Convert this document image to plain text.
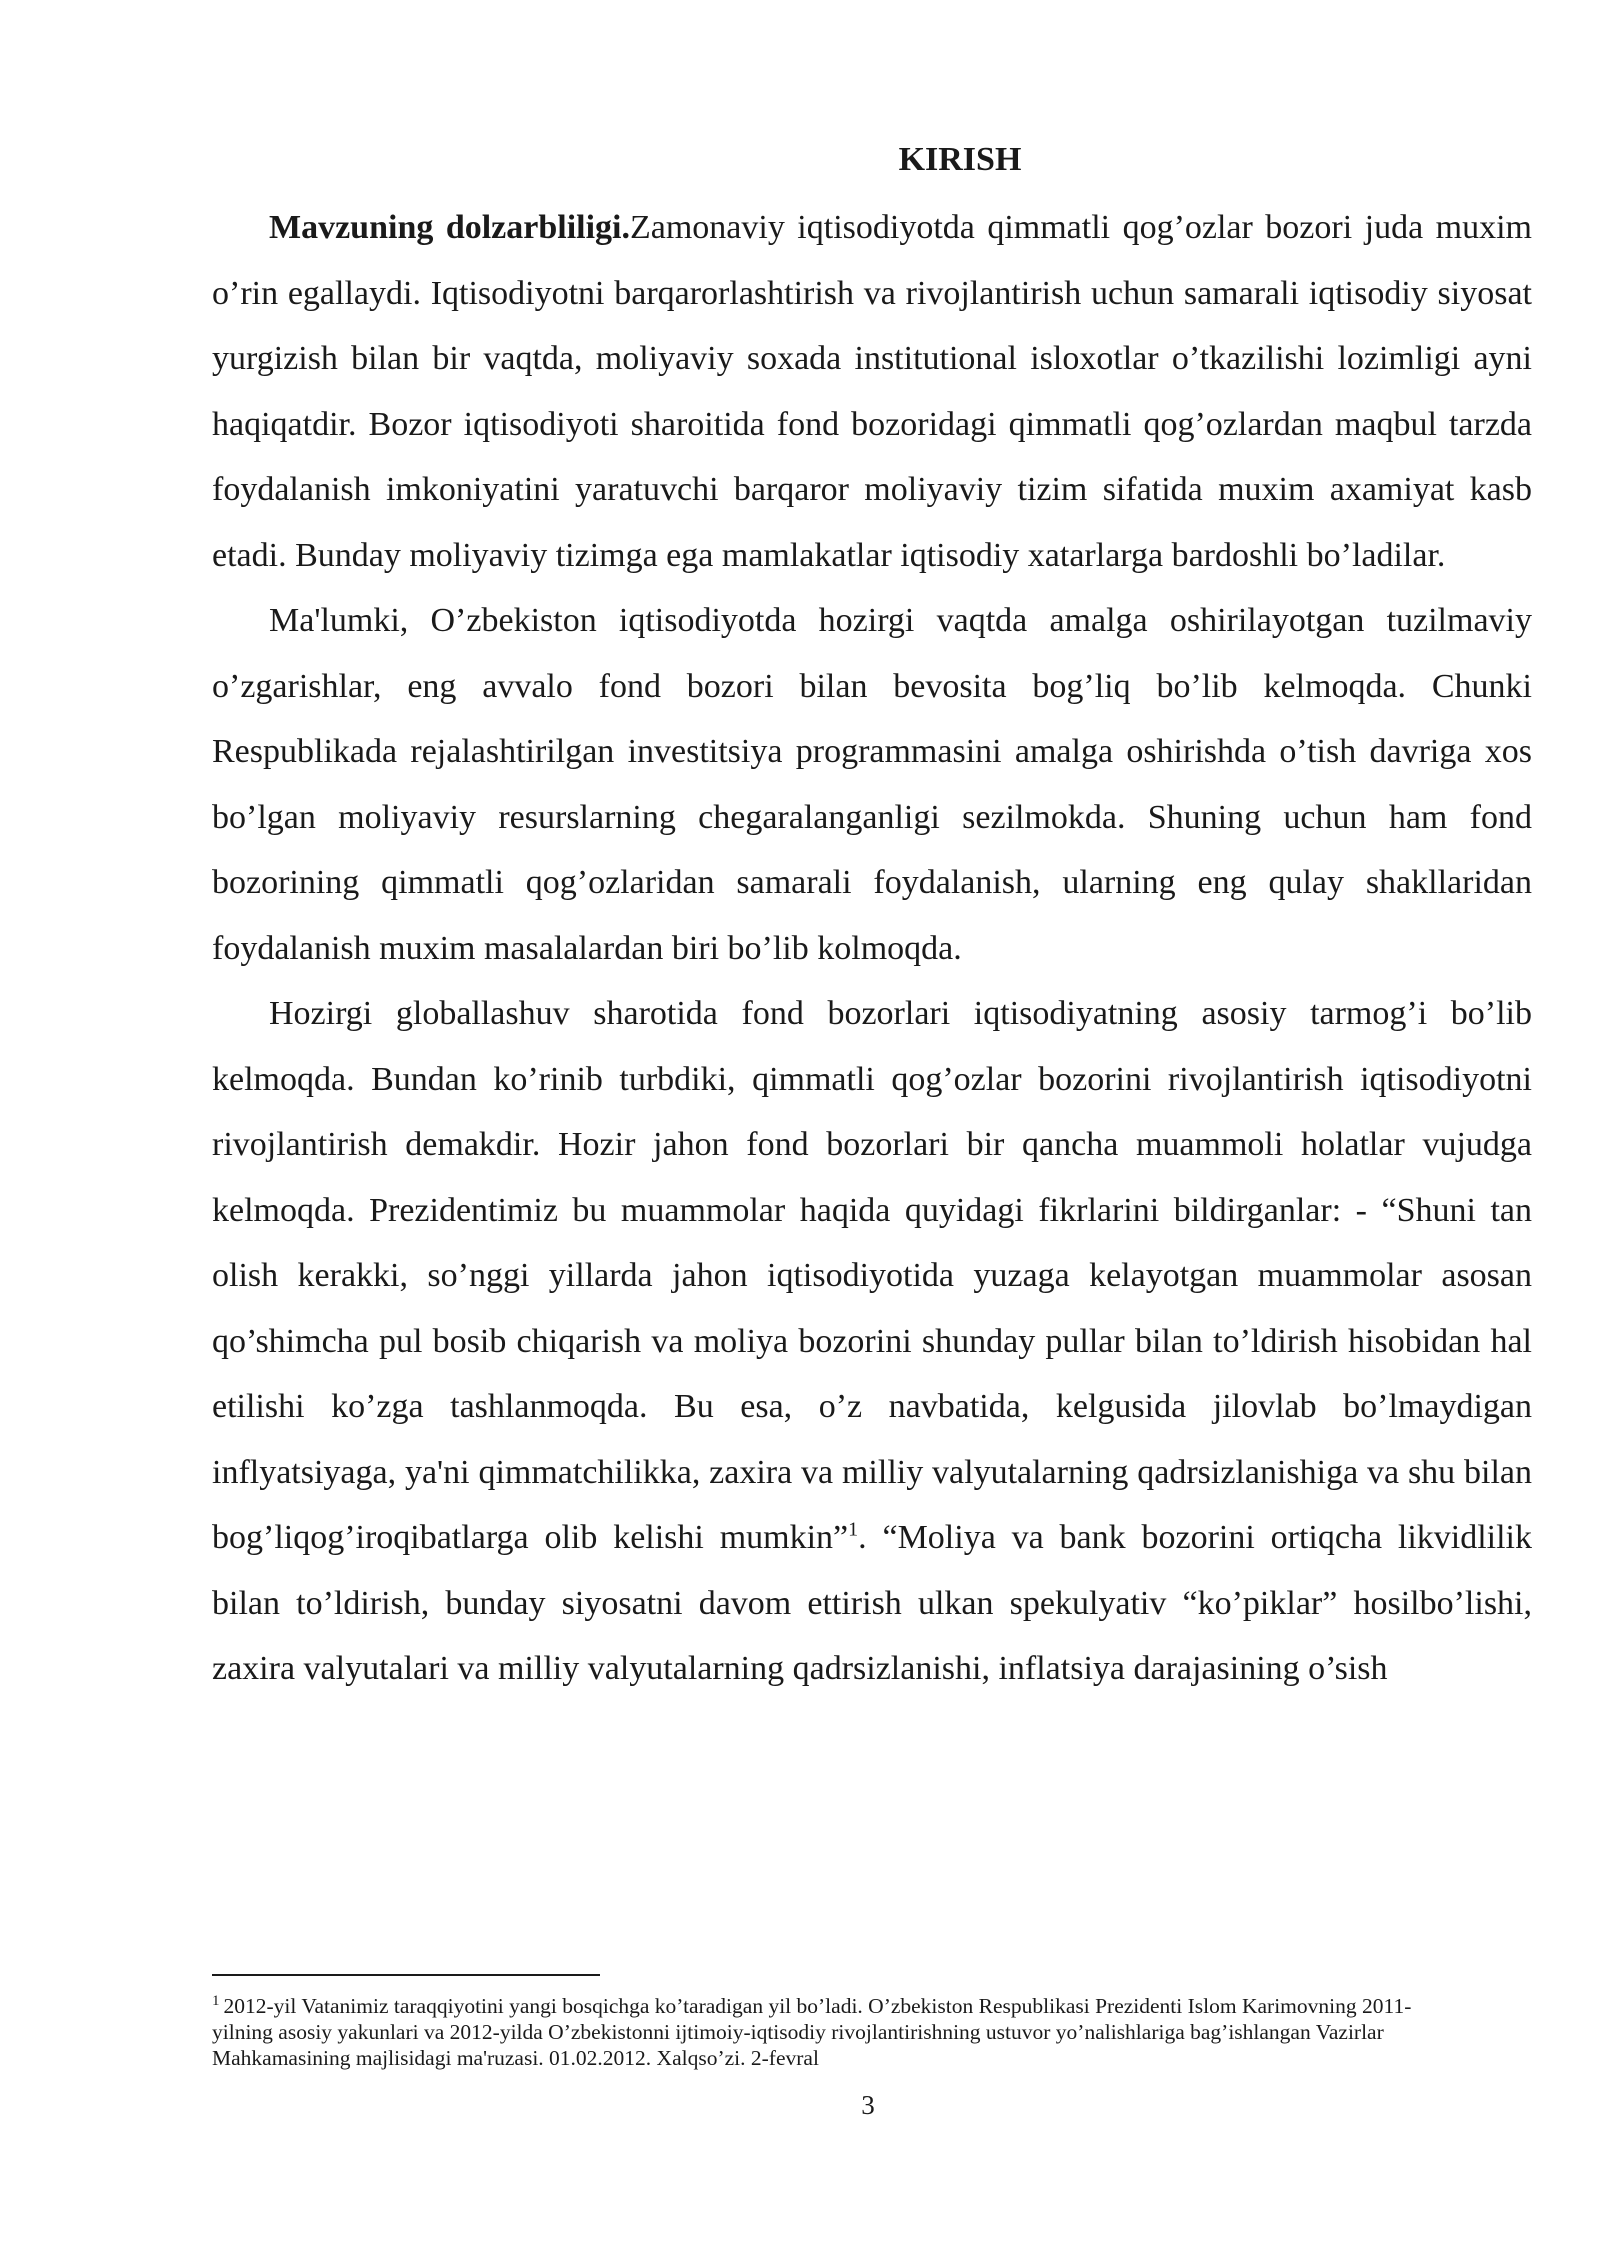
KIRISH

Mavzuning dolzarbliligi.Zamonaviy iqtisodiyotda qimmatli qog’ozlar bozori juda muxim o’rin egallaydi. Iqtisodiyotni barqarorlashtirish va rivojlantirish uchun samarali iqtisodiy siyosat yurgizish bilan bir vaqtda, moliyaviy soxada institutional isloxotlar o’tkazilishi lozimligi ayni haqiqatdir. Bozor iqtisodiyoti sharoitida fond bozoridagi qimmatli qog’ozlardan maqbul tarzda foydalanish imkoniyatini yaratuvchi barqaror moliyaviy tizim sifatida muxim axamiyat kasb etadi. Bunday moliyaviy tizimga ega mamlakatlar iqtisodiy xatarlarga bardoshli bo’ladilar.

Ma'lumki, O’zbekiston iqtisodiyotda hozirgi vaqtda amalga oshirilayotgan tuzilmaviy o’zgarishlar, eng avvalo fond bozori bilan bevosita bog’liq bo’lib kelmoqda. Chunki Respublikada rejalashtirilgan investitsiya programmasini amalga oshirishda o’tish davriga xos bo’lgan moliyaviy resurslarning chegaralanganligi sezilmokda. Shuning uchun ham fond bozorining qimmatli qog’ozlaridan samarali foydalanish, ularning eng qulay shakllaridan foydalanish muxim masalalardan biri bo’lib kolmoqda.

Hozirgi globallashuv sharotida fond bozorlari iqtisodiyatning asosiy tarmog’i bo’lib kelmoqda. Bundan ko’rinib turbdiki, qimmatli qog’ozlar bozorini rivojlantirish iqtisodiyotni rivojlantirish demakdir. Hozir jahon fond bozorlari bir qancha muammoli holatlar vujudga kelmoqda. Prezidentimiz bu muammolar haqida quyidagi fikrlarini bildirganlar: - “Shuni tan olish kerakki, so’nggi yillarda jahon iqtisodiyotida yuzaga kelayotgan muammolar asosan qo’shimcha pul bosib chiqarish va moliya bozorini shunday pullar bilan to’ldirish hisobidan hal etilishi ko’zga tashlanmoqda. Bu esa, o’z navbatida, kelgusida jilovlab bo’lmaydigan inflyatsiyaga, ya'ni qimmatchilikka, zaxira va milliy valyutalarning qadrsizlanishiga va shu bilan bog’liqog’iroqibatlarga olib kelishi mumkin”$^1$. “Moliya va bank bozorini ortiqcha likvidlilik bilan to’ldirish, bunday siyosatni davom ettirish ulkan spekulyativ “ko’piklar” hosilbo’lishi, zaxira valyutalari va milliy valyutalarning qadrsizlanishi, inflatsiya darajasining o’sish

$^1$ 2012-yil Vatanimiz taraqqiyotini yangi bosqichga ko’taradigan yil bo’ladi. O’zbekiston Respublikasi Prezidenti Islom Karimovning 2011-yilning asosiy yakunlari va 2012-yilda O’zbekistonni ijtimoiy-iqtisodiy rivojlantirishning ustuvor yo’nalishlariga bag’ishlangan Vazirlar Mahkamasining majlisidagi ma'ruzasi. 01.02.2012. Xalqso’zi. 2-fevral
3
